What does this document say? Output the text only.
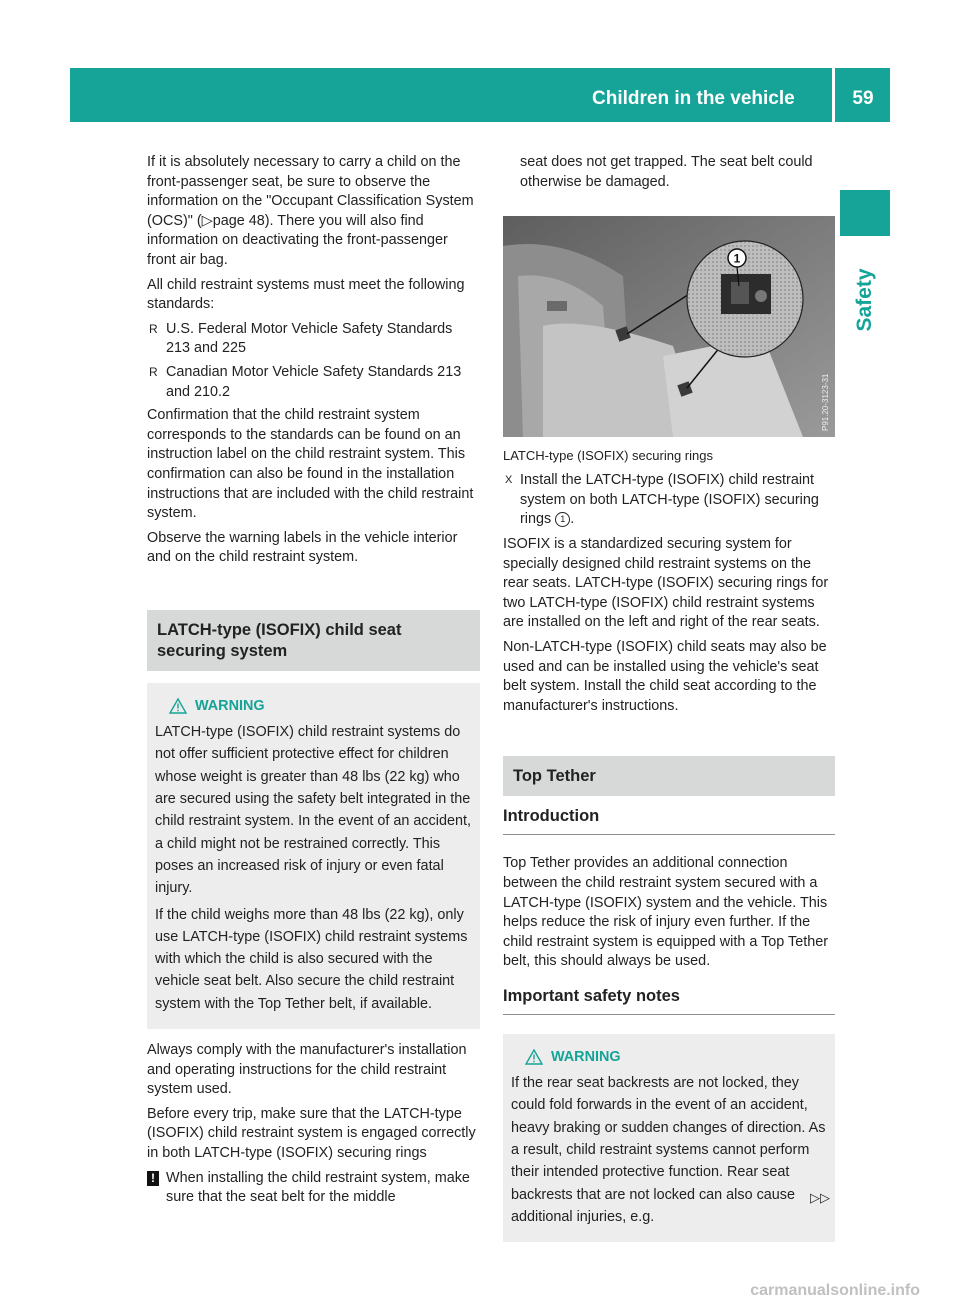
Children in the vehicle	59
Safety

If it is absolutely necessary to carry a child on the front-passenger seat, be sure to observe the information on the "Occupant Classification System (OCS)" (▷page 48). There you will also find information on deactivating the front-passenger front air bag.

All child restraint systems must meet the following standards:

R U.S. Federal Motor Vehicle Safety Standards 213 and 225
R Canadian Motor Vehicle Safety Standards 213 and 210.2

Confirmation that the child restraint system corresponds to the standards can be found on an instruction label on the child restraint system. This confirmation can also be found in the installation instructions that are included with the child restraint system.

Observe the warning labels in the vehicle interior and on the child restraint system.

LATCH-type (ISOFIX) child seat securing system
WARNING

LATCH-type (ISOFIX) child restraint systems do not offer sufficient protective effect for children whose weight is greater than 48 lbs (22 kg) who are secured using the safety belt integrated in the child restraint system. In the event of an accident, a child might not be restrained correctly. This poses an increased risk of injury or even fatal injury.

If the child weighs more than 48 lbs (22 kg), only use LATCH-type (ISOFIX) child restraint systems with which the child is also secured with the vehicle seat belt. Also secure the child restraint system with the Top Tether belt, if available.

Always comply with the manufacturer's installation and operating instructions for the child restraint system used.

Before every trip, make sure that the LATCH-type (ISOFIX) child restraint system is engaged correctly in both LATCH-type (ISOFIX) securing rings

! When installing the child restraint system, make sure that the seat belt for the middle

seat does not get trapped. The seat belt could otherwise be damaged.

1
P91.20-3123-31
LATCH-type (ISOFIX) securing rings
X Install the LATCH-type (ISOFIX) child restraint system on both LATCH-type (ISOFIX) securing rings 1 .

ISOFIX is a standardized securing system for specially designed child restraint systems on the rear seats. LATCH-type (ISOFIX) securing rings for two LATCH-type (ISOFIX) child restraint systems are installed on the left and right of the rear seats.

Non-LATCH-type (ISOFIX) child seats may also be used and can be installed using the vehicle's seat belt system. Install the child seat according to the manufacturer's instructions.

Top Tether
Introduction

Top Tether provides an additional connection between the child restraint system secured with a LATCH-type (ISOFIX) system and the vehicle. This helps reduce the risk of injury even further. If the child restraint system is equipped with a Top Tether belt, this should always be used.

Important safety notes
WARNING

If the rear seat backrests are not locked, they could fold forwards in the event of an accident, heavy braking or sudden changes of direction. As a result, child restraint systems cannot perform their intended protective function. Rear seat backrests that are not locked can also cause additional injuries, e.g.

▷▷
carmanualsonline.info
